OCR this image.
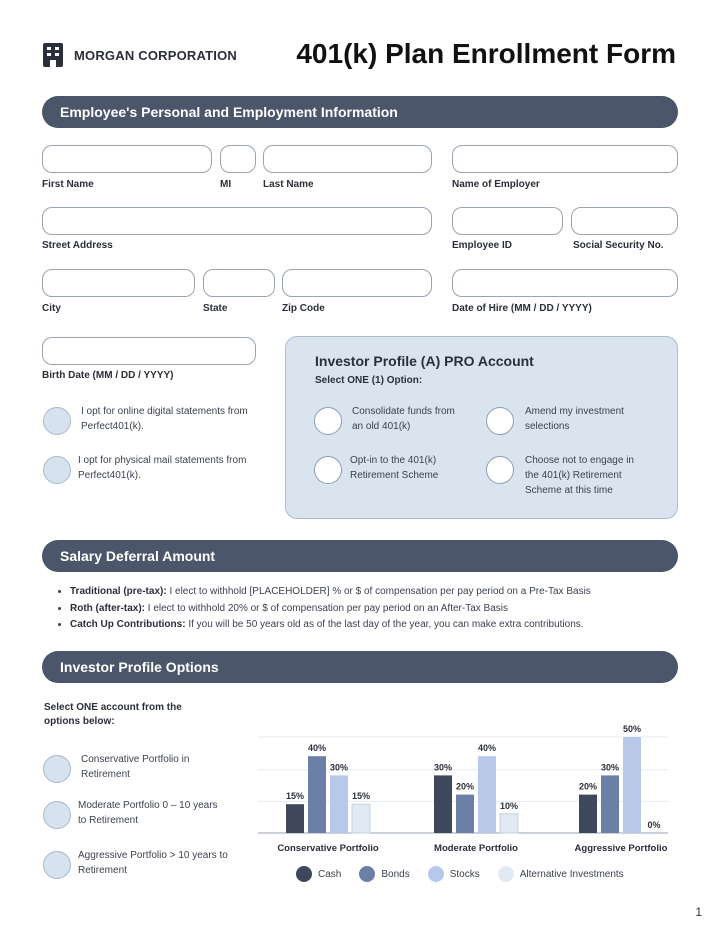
MORGAN CORPORATION 401(k) Plan Enrollment Form
Employee's Personal and Employment Information
First Name	MI	Last Name	Name of Employer
Street Address	Employee ID	Social Security No.
City	State	Zip Code	Date of Hire (MM / DD / YYYY)
Birth Date (MM / DD / YYYY)
I opt for online digital statements from Perfect401(k).
I opt for physical mail statements from Perfect401(k).
Investor Profile (A) PRO Account
Select ONE (1) Option:
Consolidate funds from an old 401(k)
Amend my investment selections
Opt-in to the 401(k) Retirement Scheme
Choose not to engage in the 401(k) Retirement Scheme at this time
Salary Deferral Amount
• Traditional (pre-tax): I elect to withhold [PLACEHOLDER] % or $ of compensation per pay period on a Pre-Tax Basis
• Roth (after-tax): I elect to withhold 20% or $ of compensation per pay period on an After-Tax Basis
• Catch Up Contributions: If you will be 50 years old as of the last day of the year, you can make extra contributions.
Investor Profile Options
Select ONE account from the options below:
Conservative Portfolio in Retirement
Moderate Portfolio 0 – 10 years to Retirement
Aggressive Portfolio > 10 years to Retirement
15%
40%
30%
15%
Conservative Portfolio
30%
20%
40%
10%
Moderate Portfolio
20%
30%
50%
0%
Aggressive Portfolio
Cash	Bonds	Stocks	Alternative Investments
1
